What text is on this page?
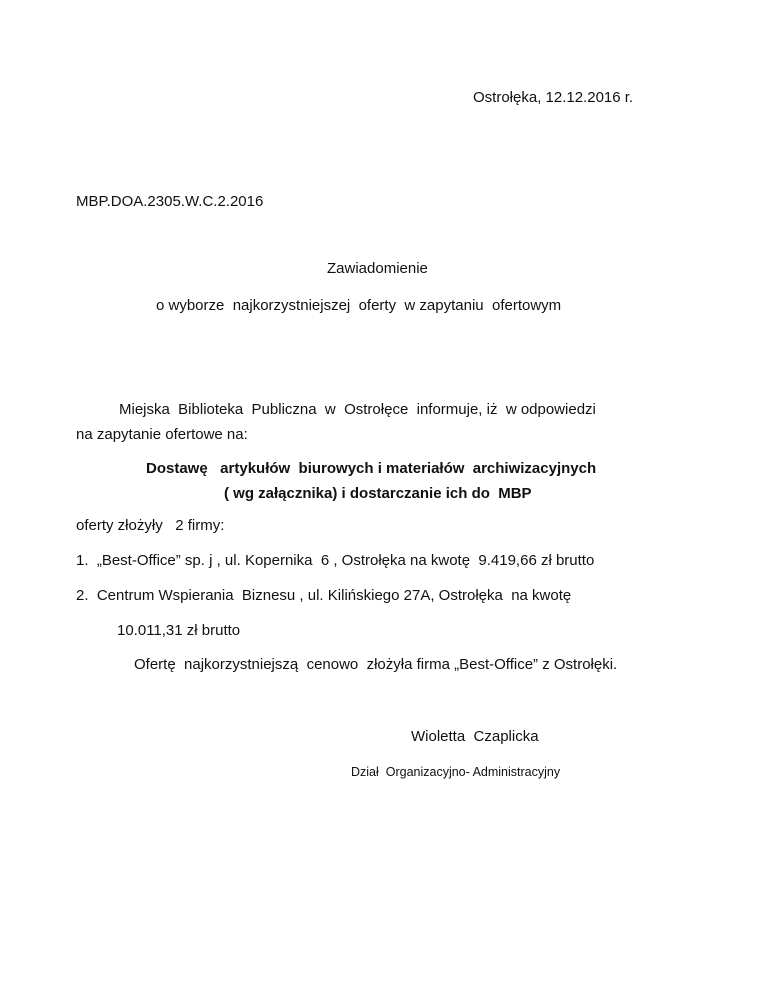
Ostrołęka, 12.12.2016 r.
MBP.DOA.2305.W.C.2.2016
Zawiadomienie
o wyborze  najkorzystniejszej  oferty  w zapytaniu  ofertowym
Miejska  Biblioteka  Publiczna  w  Ostrołęce  informuje, iż  w odpowiedzi
na zapytanie ofertowe na:
Dostawę   artykułów  biurowych i materiałów  archiwizacyjnych
( wg załącznika) i dostarczanie ich do  MBP
oferty złożyły   2 firmy:
1.  „Best-Office” sp. j , ul. Kopernika  6 , Ostrołęka na kwotę  9.419,66 zł brutto
2.  Centrum Wspierania  Biznesu , ul. Kilińskiego 27A, Ostrołęka  na kwotę
10.011,31 zł brutto
Ofertę  najkorzystniejszą  cenowo  złożyła firma „Best-Office” z Ostrołęki.
Wioletta  Czaplicka
Dział  Organizacyjno- Administracyjny
